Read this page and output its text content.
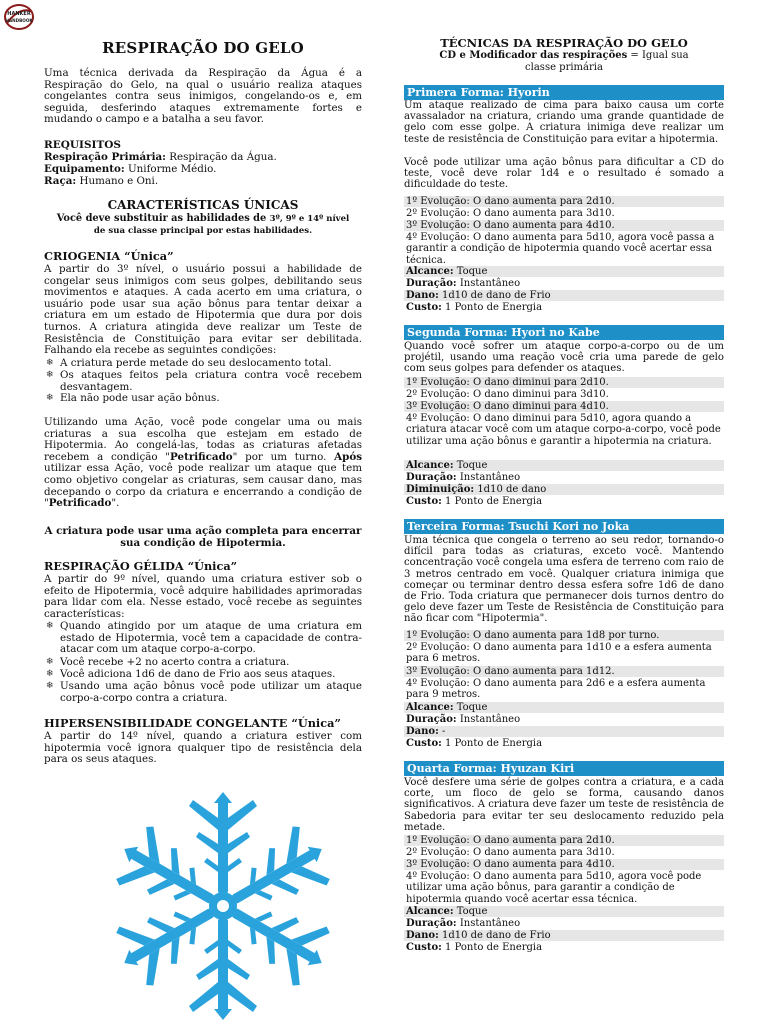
HANKER
HANDBOOK
RESPIRAÇÃO DO GELO
Uma técnica derivada da Respiração da Água é a Respiração do Gelo, na qual o usuário realiza ataques congelantes contra seus inimigos, congelando-os e, em seguida, desferindo ataques extremamente fortes e mudando o campo e a batalha a seu favor.
REQUISITOS
Respiração Primária: Respiração da Água.
Equipamento: Uniforme Médio.
Raça: Humano e Oni.
CARACTERÍSTICAS ÚNICAS
Você deve substituir as habilidades de 3º, 9º e 14º nível
de sua classe principal por estas habilidades.
CRIOGENIA “Única”
A partir do 3º nível, o usuário possui a habilidade de congelar seus inimigos com seus golpes, debilitando seus movimentos e ataques. A cada acerto em uma criatura, o usuário pode usar sua ação bônus para tentar deixar a criatura em um estado de Hipotermia que dura por dois turnos. A criatura atingida deve realizar um Teste de Resistência de Constituição para evitar ser debilitada. Falhando ela recebe as seguintes condições:
❄ A criatura perde metade do seu deslocamento total.
❄ Os ataques feitos pela criatura contra você recebem desvantagem.
❄ Ela não pode usar ação bônus.
Utilizando uma Ação, você pode congelar uma ou mais criaturas a sua escolha que estejam em estado de Hipotermia. Ao congelá-las, todas as criaturas afetadas recebem a condição "Petrificado" por um turno. Após utilizar essa Ação, você pode realizar um ataque que tem como objetivo congelar as criaturas, sem causar dano, mas decepando o corpo da criatura e encerrando a condição de "Petrificado".
A criatura pode usar uma ação completa para encerrar sua condição de Hipotermia.
RESPIRAÇÃO GÉLIDA “Única”
A partir do 9º nível, quando uma criatura estiver sob o efeito de Hipotermia, você adquire habilidades aprimoradas para lidar com ela. Nesse estado, você recebe as seguintes características:
❄ Quando atingido por um ataque de uma criatura em estado de Hipotermia, você tem a capacidade de contra-atacar com um ataque corpo-a-corpo.
❄ Você recebe +2 no acerto contra a criatura.
❄ Você adiciona 1d6 de dano de Frio aos seus ataques.
❄ Usando uma ação bônus você pode utilizar um ataque corpo-a-corpo contra a criatura.
HIPERSENSIBILIDADE CONGELANTE “Única”
A partir do 14º nível, quando a criatura estiver com hipotermia você ignora qualquer tipo de resistência dela para os seus ataques.
TÉCNICAS DA RESPIRAÇÃO DO GELO
CD e Modificador das respirações = Igual sua classe primária
Primera Forma: Hyorin
Um ataque realizado de cima para baixo causa um corte avassalador na criatura, criando uma grande quantidade de gelo com esse golpe. A criatura inimiga deve realizar um teste de resistência de Constituição para evitar a hipotermia.
Você pode utilizar uma ação bônus para dificultar a CD do teste, você deve rolar 1d4 e o resultado é somado a dificuldade do teste.
1º Evolução: O dano aumenta para 2d10.
2º Evolução: O dano aumenta para 3d10.
3º Evolução: O dano aumenta para 4d10.
4º Evolução: O dano aumenta para 5d10, agora você passa a garantir a condição de hipotermia quando você acertar essa técnica.
Alcance: Toque
Duração: Instantâneo
Dano: 1d10 de dano de Frio
Custo: 1 Ponto de Energia
Segunda Forma: Hyori no Kabe
Quando você sofrer um ataque corpo-a-corpo ou de um projétil, usando uma reação você cria uma parede de gelo com seus golpes para defender os ataques.
1º Evolução: O dano diminui para 2d10.
2º Evolução: O dano diminui para 3d10.
3º Evolução: O dano diminui para 4d10.
4º Evolução: O dano diminui para 5d10, agora quando a criatura atacar você com um ataque corpo-a-corpo, você pode utilizar uma ação bônus e garantir a hipotermia na criatura.
Alcance: Toque
Duração: Instantâneo
Diminuição: 1d10 de dano
Custo: 1 Ponto de Energia
Terceira Forma: Tsuchi Kori no Joka
Uma técnica que congela o terreno ao seu redor, tornando-o difícil para todas as criaturas, exceto você. Mantendo concentração você congela uma esfera de terreno com raio de 3 metros centrado em você. Qualquer criatura inimiga que começar ou terminar dentro dessa esfera sofre 1d6 de dano de Frio. Toda criatura que permanecer dois turnos dentro do gelo deve fazer um Teste de Resistência de Constituição para não ficar com "Hipotermia".
1º Evolução: O dano aumenta para 1d8 por turno.
2º Evolução: O dano aumenta para 1d10 e a esfera aumenta para 6 metros.
3º Evolução: O dano aumenta para 1d12.
4º Evolução: O dano aumenta para 2d6 e a esfera aumenta para 9 metros.
Alcance: Toque
Duração: Instantâneo
Dano: -
Custo: 1 Ponto de Energia
Quarta Forma: Hyuzan Kiri
Você desfere uma série de golpes contra a criatura, e a cada corte, um floco de gelo se forma, causando danos significativos. A criatura deve fazer um teste de resistência de Sabedoria para evitar ter seu deslocamento reduzido pela metade.
1º Evolução: O dano aumenta para 2d10.
2º Evolução: O dano aumenta para 3d10.
3º Evolução: O dano aumenta para 4d10.
4º Evolução: O dano aumenta para 5d10, agora você pode utilizar uma ação bônus, para garantir a condição de hipotermia quando você acertar essa técnica.
Alcance: Toque
Duração: Instantâneo
Dano: 1d10 de dano de Frio
Custo: 1 Ponto de Energia
